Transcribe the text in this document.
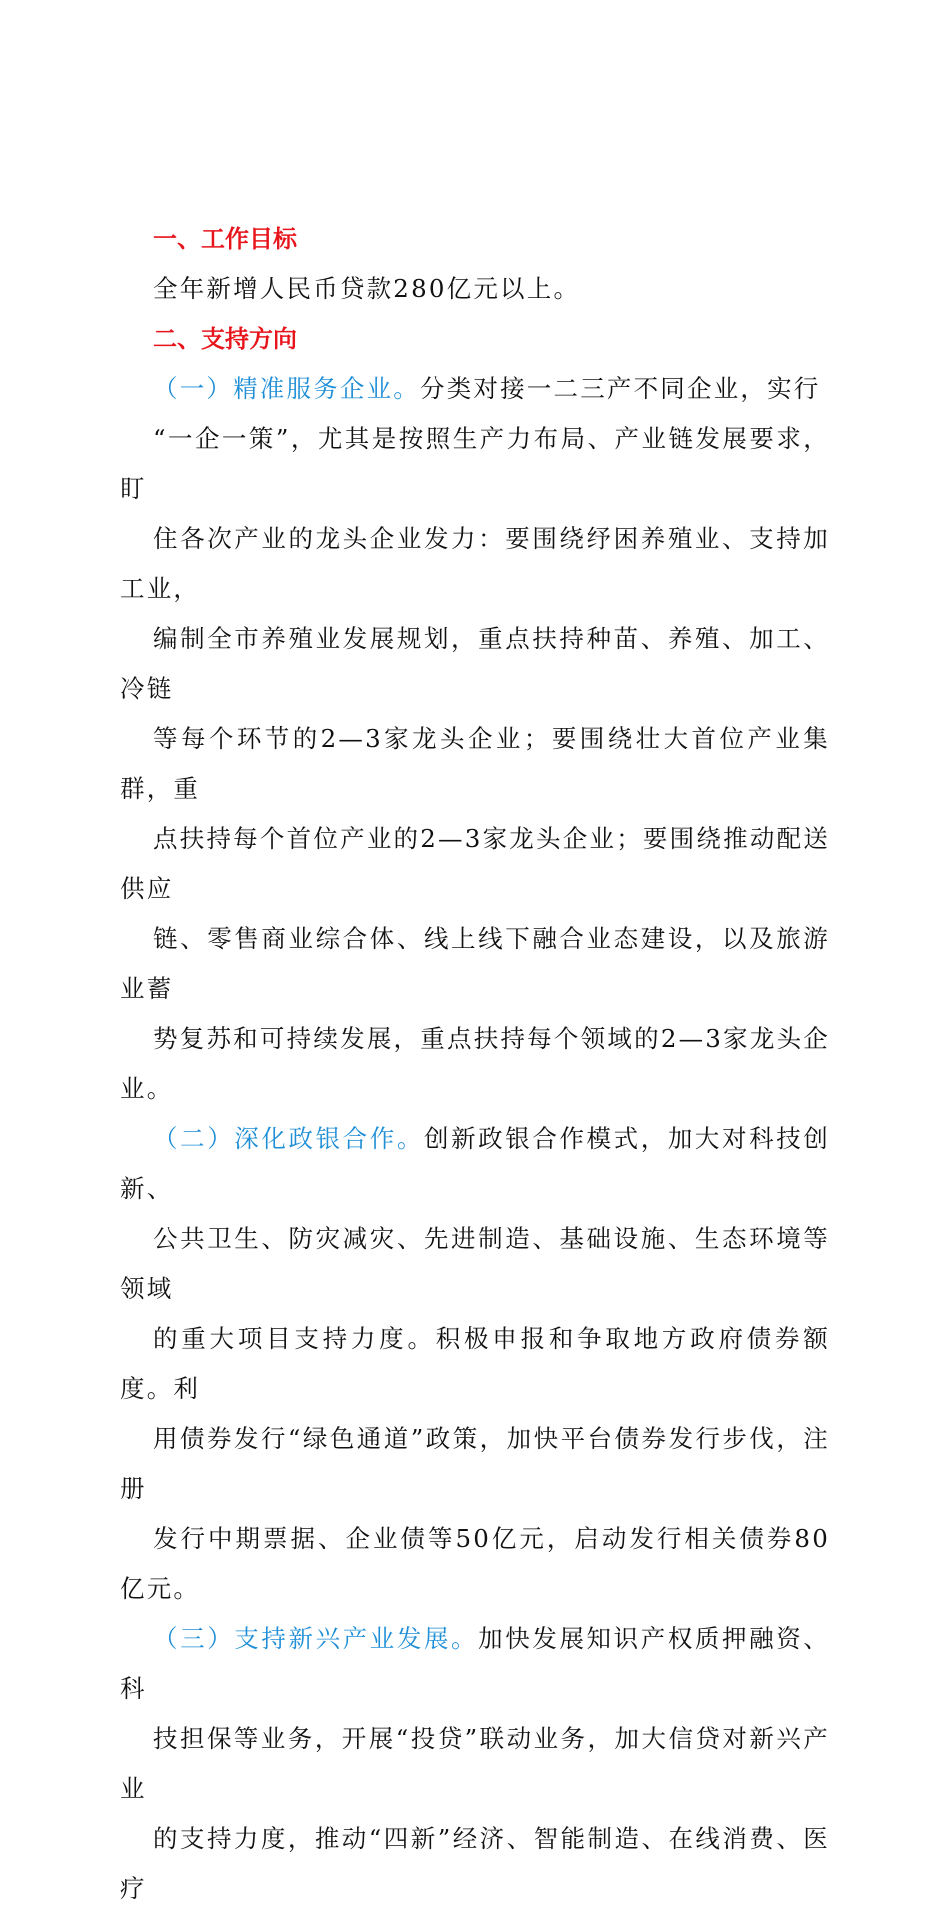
一、工作目标

全年新增人民币贷款280亿元以上。

二、支持方向

（一）精准服务企业。分类对接一二三产不同企业，实行
“一企一策”，尤其是按照生产力布局、产业链发展要求，盯
住各次产业的龙头企业发力：要围绕纾困养殖业、支持加工业，
编制全市养殖业发展规划，重点扶持种苗、养殖、加工、冷链
等每个环节的2—3家龙头企业；要围绕壮大首位产业集群，重
点扶持每个首位产业的2—3家龙头企业；要围绕推动配送供应
链、零售商业综合体、线上线下融合业态建设，以及旅游业蓄
势复苏和可持续发展，重点扶持每个领域的2—3家龙头企业。

（二）深化政银合作。创新政银合作模式，加大对科技创新、
公共卫生、防灾减灾、先进制造、基础设施、生态环境等领域
的重大项目支持力度。积极申报和争取地方政府债券额度。利
用债券发行“绿色通道”政策，加快平台债券发行步伐，注册
发行中期票据、企业债等50亿元，启动发行相关债券80亿元。

（三）支持新兴产业发展。加快发展知识产权质押融资、科
技担保等业务，开展“投贷”联动业务，加大信贷对新兴产业
的支持力度，推动“四新”经济、智能制造、在线消费、医疗
